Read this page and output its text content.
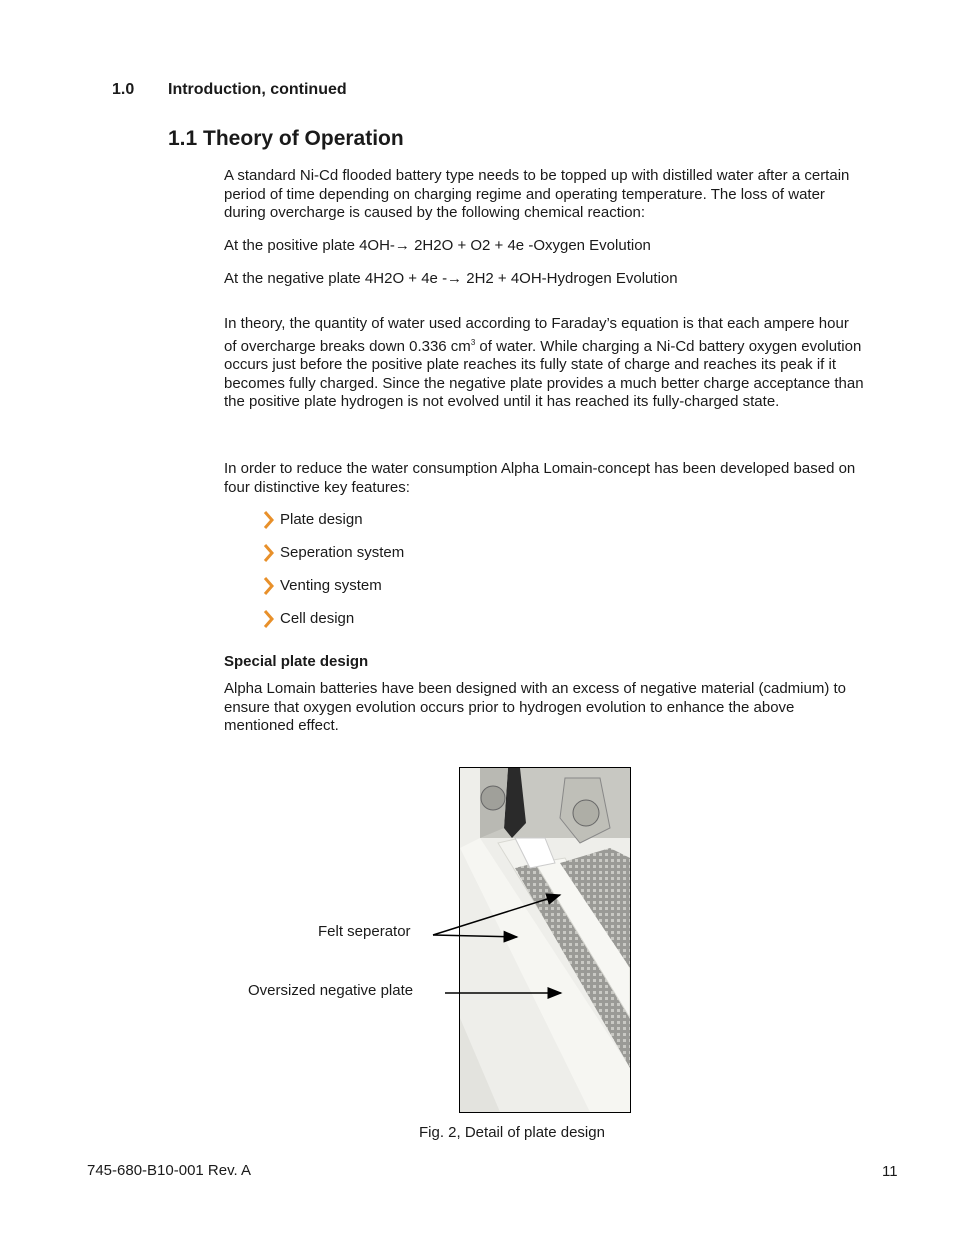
1.0 Introduction, continued
1.1 Theory of Operation
A standard Ni-Cd flooded battery type needs to be topped up with distilled water after a certain period of time depending on charging regime and operating temperature. The loss of water during overcharge is caused by the following chemical reaction:
At the positive plate 4OH-→ 2H2O + O2 + 4e -Oxygen Evolution
At the negative plate 4H2O + 4e -→ 2H2 + 4OH-Hydrogen Evolution
In theory, the quantity of water used according to Faraday’s equation is that each ampere hour of overcharge breaks down 0.336 $cm^3$ of water. While charging a Ni-Cd battery oxygen evolution occurs just before the positive plate reaches its fully state of charge and reaches its peak if it becomes fully charged. Since the negative plate provides a much better charge acceptance than the positive plate hydrogen is not evolved until it has reached its fully-charged state.
In order to reduce the water consumption Alpha Lomain-concept has been developed based on four distinctive key features:
Plate design
Seperation system
Venting system
Cell design
Special plate design
Alpha Lomain batteries have been designed with an excess of negative material (cadmium) to ensure that oxygen evolution occurs prior to hydrogen evolution to enhance the above mentioned effect.
Felt seperator
Oversized negative plate
Fig. 2, Detail of plate design
745-680-B10-001 Rev. A	11
